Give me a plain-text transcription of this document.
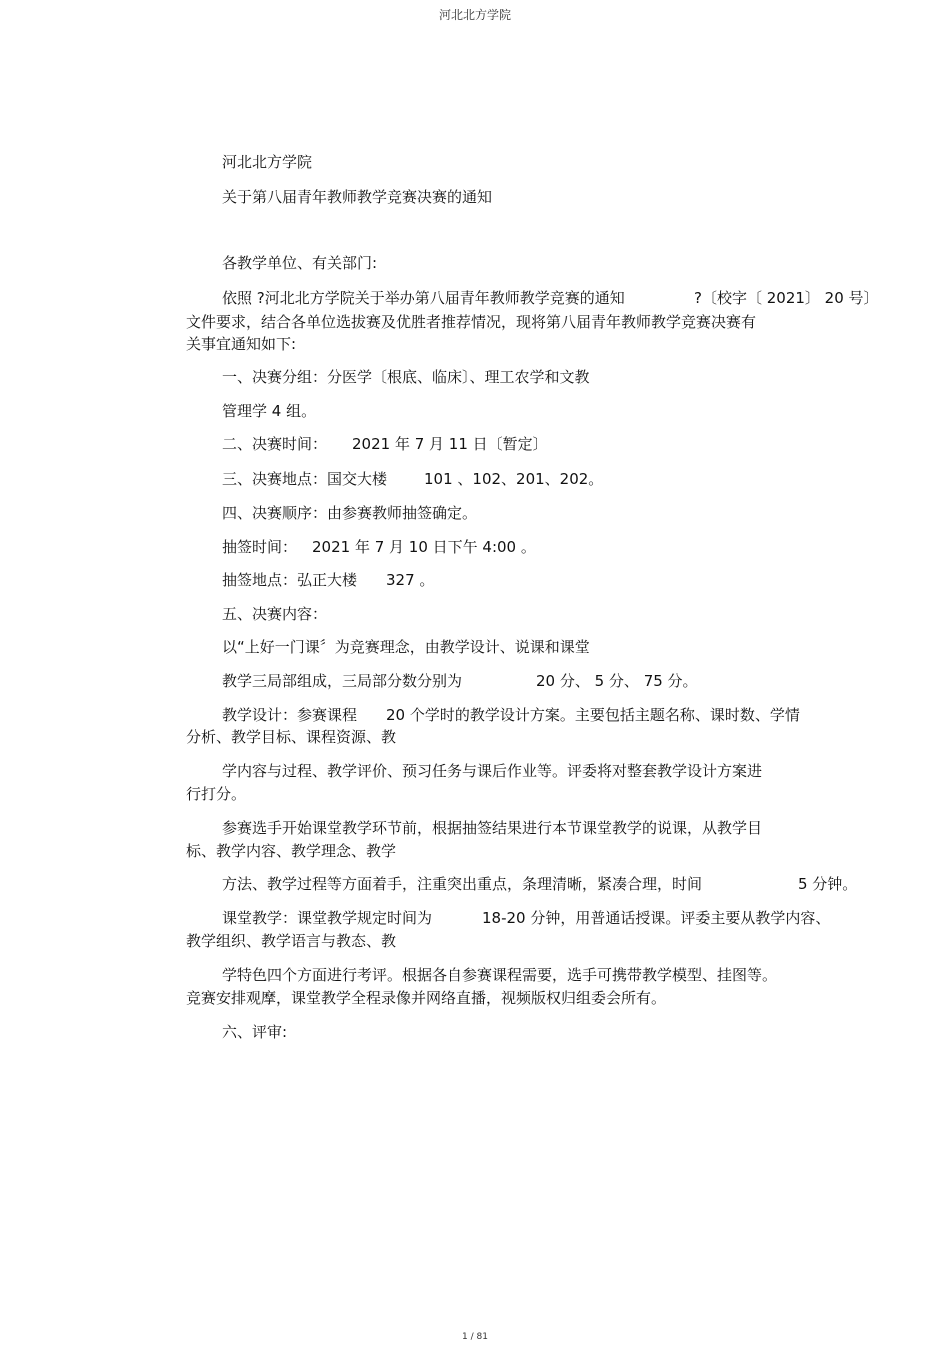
河北北方学院
河北北方学院
关于第八届青年教师教学竞赛决赛的通知
各教学单位、有关部门:
依照 ?河北北方学院关于举办第八届青年教师教学竞赛的通知	?〔校字〔 2021〕 20 号〕
文件要求，结合各单位选拔赛及优胜者推荐情况，现将第八届青年教师教学竞赛决赛有
关事宜通知如下:
一、决赛分组：分医学〔根底、临床〕、理工农学和文教
管理学 4 组。
二、决赛时间： 2021 年 7 月 11 日〔暂定〕
三、决赛地点：国交大楼 101 、102、201、202。
四、决赛顺序：由参赛教师抽签确定。
抽签时间： 2021 年 7 月 10 日下午 4:00 。
抽签地点：弘正大楼 327 。
五、决赛内容：
以“上好一门课〞为竞赛理念，由教学设计、说课和课堂
教学三局部组成，三局部分数分别为	20 分、 5 分、 75 分。
教学设计：参赛课程 20 个学时的教学设计方案。主要包括主题名称、课时数、学情
分析、教学目标、课程资源、教
学内容与过程、教学评价、预习任务与课后作业等。评委将对整套教学设计方案进
行打分。
参赛选手开始课堂教学环节前，根据抽签结果进行本节课堂教学的说课，从教学目
标、教学内容、教学理念、教学
方法、教学过程等方面着手，注重突出重点，条理清晰，紧凑合理，时间	5 分钟。
课堂教学：课堂教学规定时间为	18-20 分钟，用普通话授课。评委主要从教学内容、
教学组织、教学语言与教态、教
学特色四个方面进行考评。根据各自参赛课程需要，选手可携带教学模型、挂图等。
竞赛安排观摩，课堂教学全程录像并网络直播，视频版权归组委会所有。
六、评审:
1 / 81
